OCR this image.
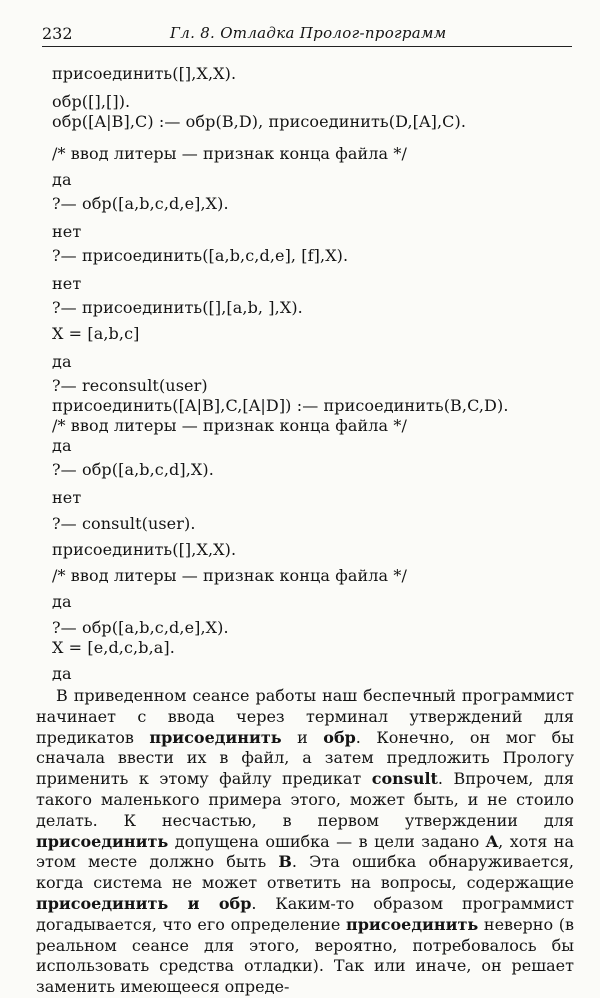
232	Гл. 8. Отладка Пролог-программ
присоединить([],X,X).
обр([],[]).
обр([A|B],C) :— обр(B,D), присоединить(D,[A],C).
/* ввод литеры — признак конца файла */
да
?— обр([a,b,c,d,e],X).
нет
?— присоединить([a,b,c,d,e], [f],X).
нет
?— присоединить([],[a,b, ],X).
X = [a,b,c]
да
?— reconsult(user)
присоединить([A|B],C,[A|D]) :— присоединить(B,C,D).
/* ввод литеры — признак конца файла */
да
?— обр([a,b,c,d],X).
нет
?— consult(user).
присоединить([],X,X).
/* ввод литеры — признак конца файла */
да
?— обр([a,b,c,d,e],X).
X = [e,d,c,b,a].
да

В приведенном сеансе работы наш беспечный программист начинает с ввода через терминал утверждений для предикатов присоединить и обр. Конечно, он мог бы сначала ввести их в файл, а затем предложить Прологу применить к этому файлу предикат consult. Впрочем, для такого маленького примера этого, может быть, и не стоило делать. К несчастью, в первом утверждении для присоединить допущена ошибка — в цели задано A, хотя на этом месте должно быть B. Эта ошибка обнаруживается, когда система не может ответить на вопросы, содержащие присоединить и обр. Каким-то образом программист догадывается, что его определение присоединить неверно (в реальном сеансе для этого, вероятно, потребовалось бы использовать средства отладки). Так или иначе, он решает заменить имеющееся опреде-
